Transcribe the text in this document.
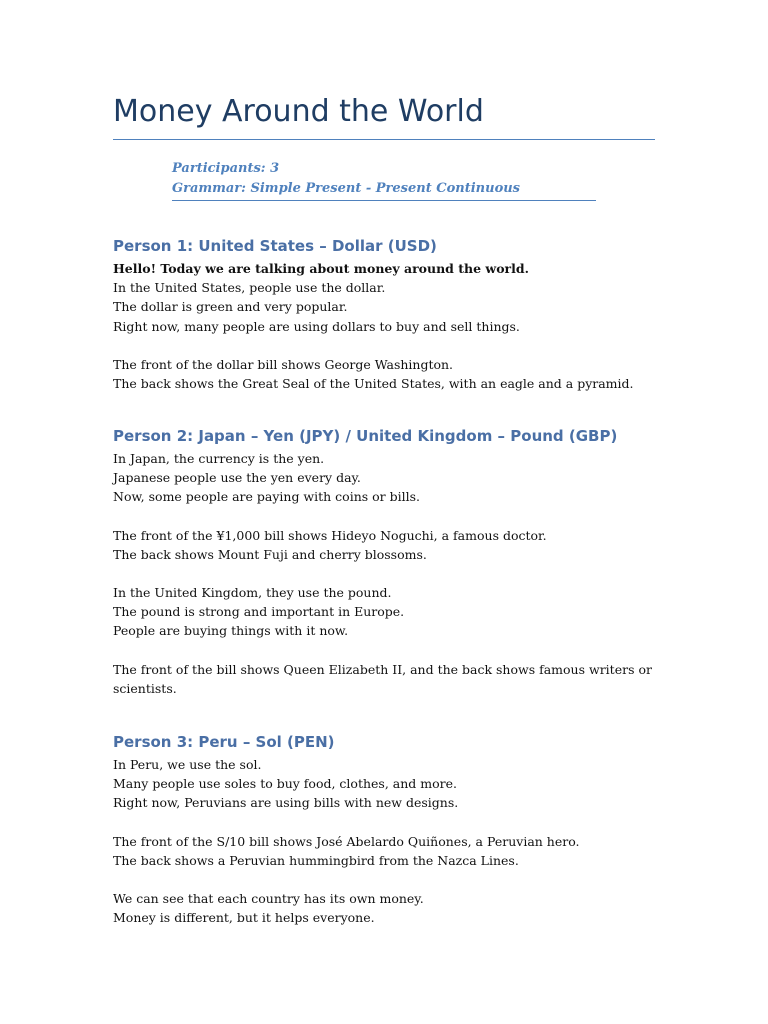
Money Around the World
Participants: 3
Grammar: Simple Present - Present Continuous
Person 1: United States – Dollar (USD)

Hello! Today we are talking about money around the world.
In the United States, people use the dollar.
The dollar is green and very popular.
Right now, many people are using dollars to buy and sell things.

The front of the dollar bill shows George Washington.
The back shows the Great Seal of the United States, with an eagle and a pyramid.

Person 2: Japan – Yen (JPY) / United Kingdom – Pound (GBP)

In Japan, the currency is the yen.
Japanese people use the yen every day.
Now, some people are paying with coins or bills.

The front of the ¥1,000 bill shows Hideyo Noguchi, a famous doctor.
The back shows Mount Fuji and cherry blossoms.

In the United Kingdom, they use the pound.
The pound is strong and important in Europe.
People are buying things with it now.

The front of the bill shows Queen Elizabeth II, and the back shows famous writers or scientists.

Person 3: Peru – Sol (PEN)

In Peru, we use the sol.
Many people use soles to buy food, clothes, and more.
Right now, Peruvians are using bills with new designs.

The front of the S/10 bill shows José Abelardo Quiñones, a Peruvian hero.
The back shows a Peruvian hummingbird from the Nazca Lines.

We can see that each country has its own money.
Money is different, but it helps everyone.
